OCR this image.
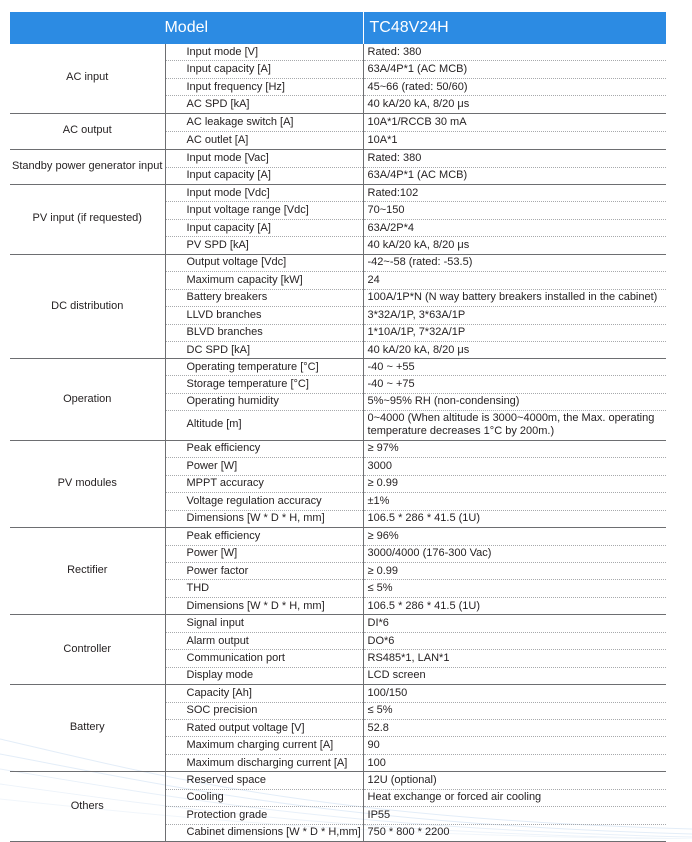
Model		TC48V24H
AC input	Input mode [V]	Rated: 380
	Input capacity [A]	63A/4P*1 (AC MCB)
	Input frequency [Hz]	45~66 (rated: 50/60)
	AC SPD [kA]	40 kA/20 kA, 8/20 μs
AC output	AC leakage switch [A]	10A*1/RCCB 30 mA
	AC outlet [A]	10A*1
Standby power generator input	Input mode [Vac]	Rated: 380
	Input capacity [A]	63A/4P*1 (AC MCB)
PV input (if requested)	Input mode [Vdc]	Rated:102
	Input voltage range [Vdc]	70~150
	Input capacity [A]	63A/2P*4
	PV SPD [kA]	40 kA/20 kA, 8/20 μs
DC distribution	Output voltage [Vdc]	-42~-58 (rated: -53.5)
	Maximum capacity [kW]	24
	Battery breakers	100A/1P*N (N way battery breakers installed in the cabinet)
	LLVD branches	3*32A/1P, 3*63A/1P
	BLVD branches	1*10A/1P, 7*32A/1P
	DC SPD [kA]	40 kA/20 kA, 8/20 μs
Operation	Operating temperature [°C]	-40 ~ +55
	Storage temperature [°C]	-40 ~ +75
	Operating humidity	5%~95% RH (non-condensing)
	Altitude [m]	0~4000 (When altitude is 3000~4000m, the Max. operating temperature decreases 1°C by 200m.)
PV modules	Peak efficiency	≥ 97%
	Power [W]	3000
	MPPT accuracy	≥ 0.99
	Voltage regulation accuracy	±1%
	Dimensions [W * D * H, mm]	106.5 * 286 * 41.5 (1U)
Rectifier	Peak efficiency	≥ 96%
	Power [W]	3000/4000 (176-300 Vac)
	Power factor	≥ 0.99
	THD	≤ 5%
	Dimensions [W * D * H, mm]	106.5 * 286 * 41.5 (1U)
Controller	Signal input	DI*6
	Alarm output	DO*6
	Communication port	RS485*1, LAN*1
	Display mode	LCD screen
Battery	Capacity [Ah]	100/150
	SOC precision	≤ 5%
	Rated output voltage [V]	52.8
	Maximum charging current [A]	90
	Maximum discharging current [A]	100
Others	Reserved space	12U (optional)
	Cooling	Heat exchange or forced air cooling
	Protection grade	IP55
	Cabinet dimensions [W * D * H,mm]	750 * 800 * 2200
